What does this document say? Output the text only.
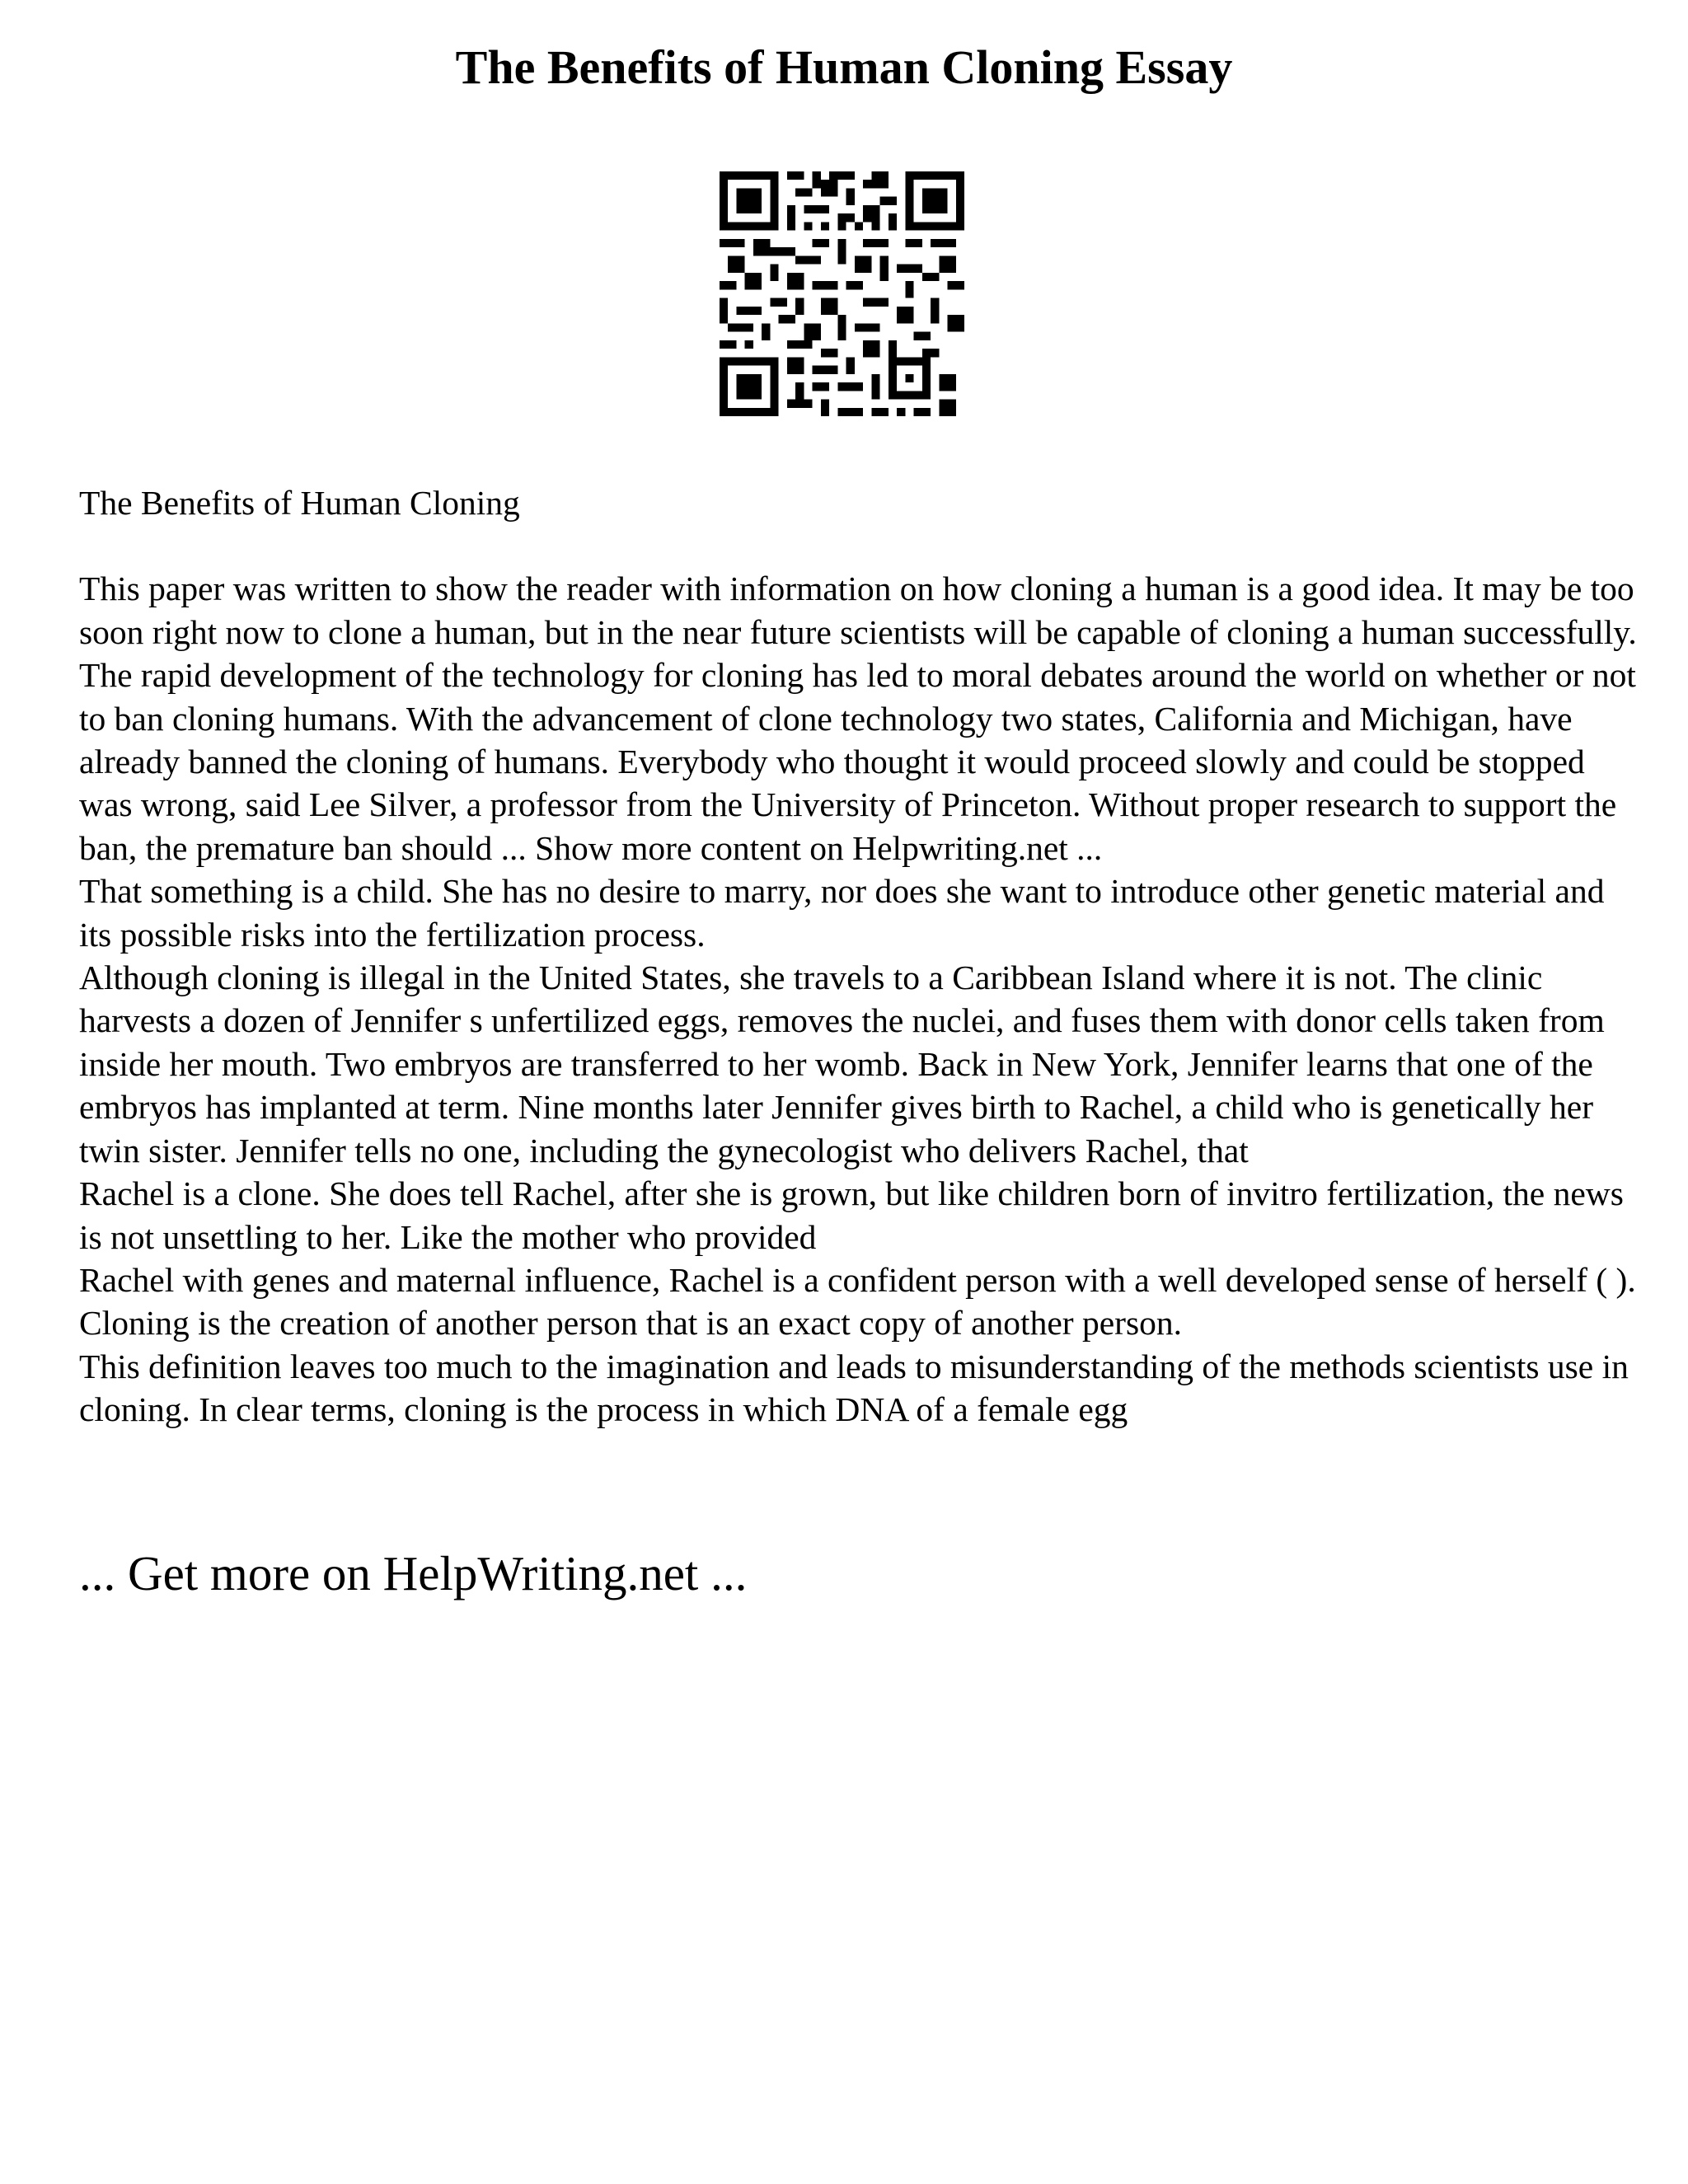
The Benefits of Human Cloning Essay

The Benefits of Human Cloning

This paper was written to show the reader with information on how cloning a human is a good idea. It may be too soon right now to clone a human, but in the near future scientists will be capable of cloning a human successfully. The rapid development of the technology for cloning has led to moral debates around the world on whether or not to ban cloning humans. With the advancement of clone technology two states, California and Michigan, have already banned the cloning of humans. Everybody who thought it would proceed slowly and could be stopped was wrong, said Lee Silver, a professor from the University of Princeton. Without proper research to support the ban, the premature ban should ... Show more content on Helpwriting.net ...

That something is a child. She has no desire to marry, nor does she want to introduce other genetic material and its possible risks into the fertilization process.

Although cloning is illegal in the United States, she travels to a Caribbean Island where it is not. The clinic harvests a dozen of Jennifer s unfertilized eggs, removes the nuclei, and fuses them with donor cells taken from inside her mouth. Two embryos are transferred to her womb. Back in New York, Jennifer learns that one of the embryos has implanted at term. Nine months later Jennifer gives birth to Rachel, a child who is genetically her twin sister. Jennifer tells no one, including the gynecologist who delivers Rachel, that

Rachel is a clone. She does tell Rachel, after she is grown, but like children born of invitro fertilization, the news is not unsettling to her. Like the mother who provided

Rachel with genes and maternal influence, Rachel is a confident person with a well developed sense of herself ( ). Cloning is the creation of another person that is an exact copy of another person.

This definition leaves too much to the imagination and leads to misunderstanding of the methods scientists use in cloning. In clear terms, cloning is the process in which DNA of a female egg

... Get more on HelpWriting.net ...
